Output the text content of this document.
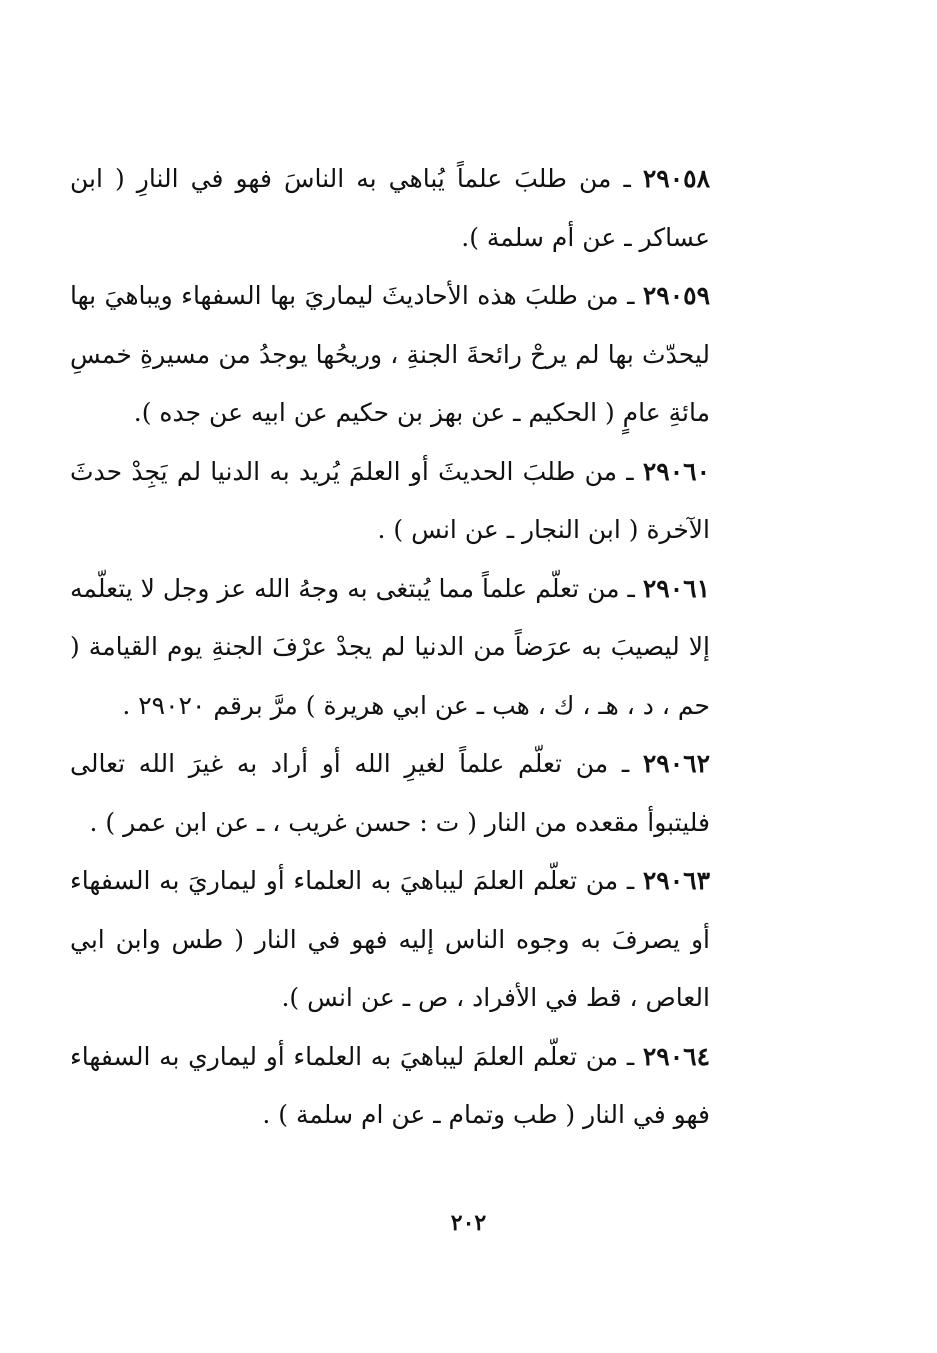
٢٩٠٥٨ ـ من طلبَ علماً يُباهي به الناسَ فهو في النارِ ( ابن عساكر ـ عن أم سلمة ).

٢٩٠٥٩ ـ من طلبَ هذه الأحاديثَ ليماريَ بها السفهاء ويباهيَ بها ليحدّث بها لم يرحْ رائحةَ الجنةِ ، وريحُها يوجدُ من مسيرةِ خمسِ مائةِ عامٍ ( الحكيم ـ عن بهز بن حكيم عن ابيه عن جده ).

٢٩٠٦٠ ـ من طلبَ الحديثَ أو العلمَ يُريد به الدنيا لم يَجِدْ حدثَ الآخرة ( ابن النجار ـ عن انس ) .

٢٩٠٦١ ـ من تعلّم علماً مما يُبتغى به وجهُ الله عز وجل لا يتعلّمه إلا ليصيبَ به عرَضاً من الدنيا لم يجدْ عرْفَ الجنةِ يوم القيامة ( حم ، د ، هـ ، ك ، هب ـ عن ابي هريرة ) مرَّ برقم ٢٩٠٢٠ .

٢٩٠٦٢ ـ من تعلّم علماً لغيرِ الله أو أراد به غيرَ الله تعالى فليتبوأ مقعده من النار ( ت : حسن غريب ، ـ عن ابن عمر ) .

٢٩٠٦٣ ـ من تعلّم العلمَ ليباهيَ به العلماء أو ليماريَ به السفهاء أو يصرفَ به وجوه الناس إليه فهو في النار ( طس وابن ابي العاص ، قط في الأفراد ، ص ـ عن انس ).

٢٩٠٦٤ ـ من تعلّم العلمَ ليباهيَ به العلماء أو ليماري به السفهاء فهو في النار ( طب وتمام ـ عن ام سلمة ) .

٢٠٢
